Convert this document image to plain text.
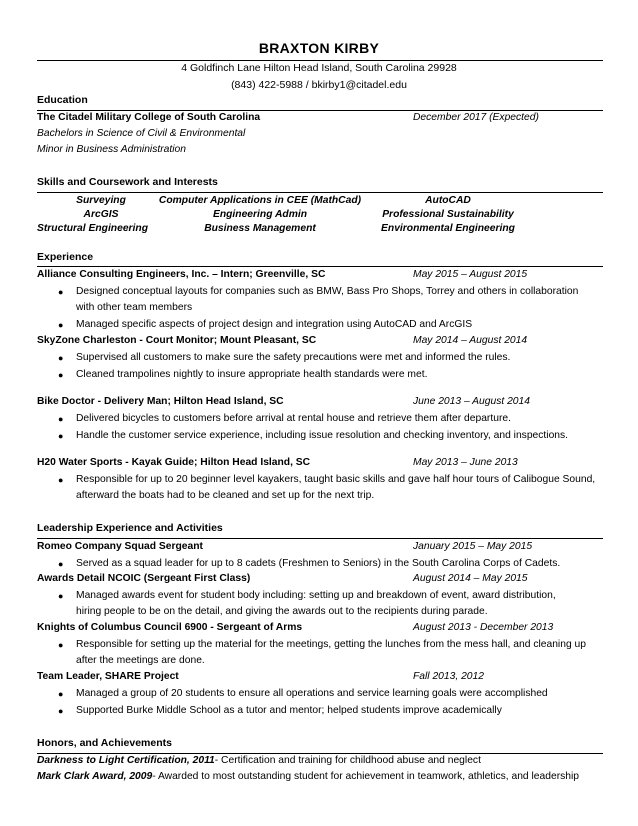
BRAXTON KIRBY
4 Goldfinch Lane Hilton Head Island, South Carolina 29928
(843) 422-5988 / bkirby1@citadel.edu
Education
The Citadel Military College of South Carolina	December 2017 (Expected)
Bachelors in Science of Civil & Environmental
Minor in Business Administration
Skills and Coursework and Interests
Surveying	Computer Applications in CEE (MathCad)	AutoCAD
ArcGIS	Engineering Admin	Professional Sustainability
Structural Engineering	Business Management	Environmental Engineering
Experience
Alliance Consulting Engineers, Inc. – Intern; Greenville, SC	May 2015 – August 2015
● Designed conceptual layouts for companies such as BMW, Bass Pro Shops, Torrey and others in collaboration
with other team members
● Managed specific aspects of project design and integration using AutoCAD and ArcGIS
SkyZone Charleston - Court Monitor; Mount Pleasant, SC	May 2014 – August 2014
● Supervised all customers to make sure the safety precautions were met and informed the rules.
● Cleaned trampolines nightly to insure appropriate health standards were met.
Bike Doctor - Delivery Man; Hilton Head Island, SC	June 2013 – August 2014
● Delivered bicycles to customers before arrival at rental house and retrieve them after departure.
● Handle the customer service experience, including issue resolution and checking inventory, and inspections.
H20 Water Sports - Kayak Guide; Hilton Head Island, SC	May 2013 – June 2013
● Responsible for up to 20 beginner level kayakers, taught basic skills and gave half hour tours of Calibogue Sound,
afterward the boats had to be cleaned and set up for the next trip.
Leadership Experience and Activities
Romeo Company Squad Sergeant	January 2015 – May 2015
● Served as a squad leader for up to 8 cadets (Freshmen to Seniors) in the South Carolina Corps of Cadets.
Awards Detail NCOIC (Sergeant First Class)	August 2014 – May 2015
● Managed awards event for student body including: setting up and breakdown of event, award distribution,
hiring people to be on the detail, and giving the awards out to the recipients during parade.
Knights of Columbus Council 6900 - Sergeant of Arms	August 2013 - December 2013
● Responsible for setting up the material for the meetings, getting the lunches from the mess hall, and cleaning up
after the meetings are done.
Team Leader, SHARE Project	Fall 2013, 2012
● Managed a group of 20 students to ensure all operations and service learning goals were accomplished
● Supported Burke Middle School as a tutor and mentor; helped students improve academically
Honors, and Achievements
Darkness to Light Certification, 2011- Certification and training for childhood abuse and neglect
Mark Clark Award, 2009- Awarded to most outstanding student for achievement in teamwork, athletics, and leadership
